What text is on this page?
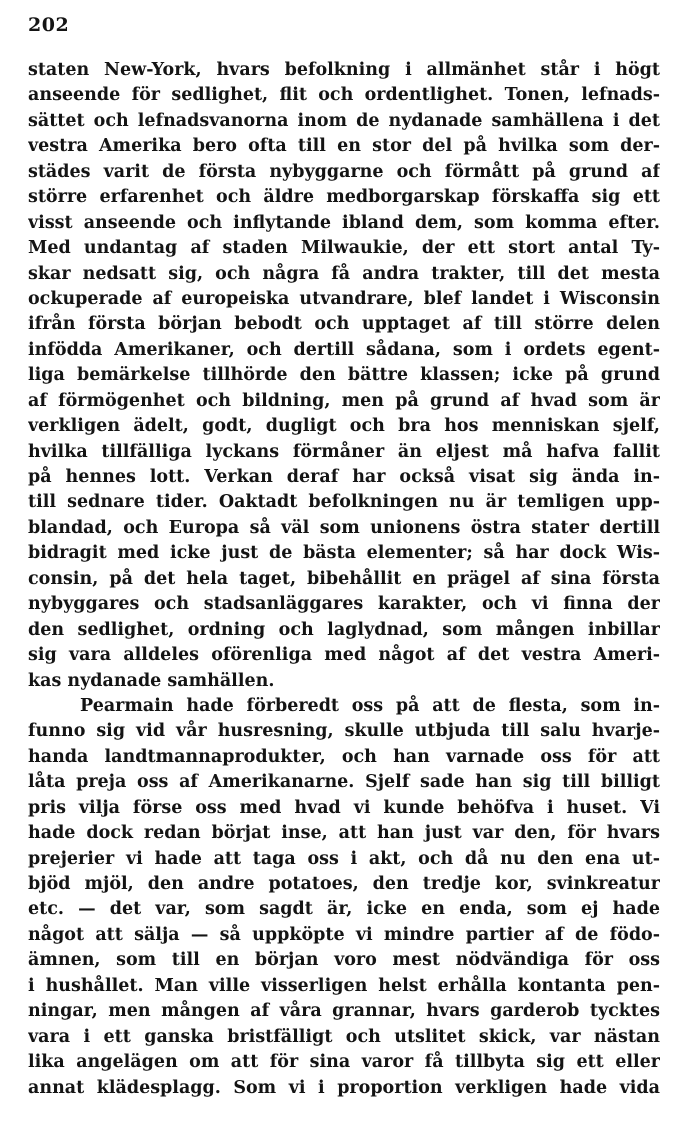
202
staten New-York, hvars befolkning i allmänhet står i högt
anseende för sedlighet, flit och ordentlighet. Tonen, lefnads-
sättet och lefnadsvanorna inom de nydanade samhällena i det
vestra Amerika bero ofta till en stor del på hvilka som der-
städes varit de första nybyggarne och förmått på grund af
större erfarenhet och äldre medborgarskap förskaffa sig ett
visst anseende och inflytande ibland dem, som komma efter.
Med undantag af staden Milwaukie, der ett stort antal Ty-
skar nedsatt sig, och några få andra trakter, till det mesta
ockuperade af europeiska utvandrare, blef landet i Wisconsin
ifrån första början bebodt och upptaget af till större delen
infödda Amerikaner, och dertill sådana, som i ordets egent-
liga bemärkelse tillhörde den bättre klassen; icke på grund
af förmögenhet och bildning, men på grund af hvad som är
verkligen ädelt, godt, dugligt och bra hos menniskan sjelf,
hvilka tillfälliga lyckans förmåner än eljest må hafva fallit
på hennes lott. Verkan deraf har också visat sig ända in-
till sednare tider. Oaktadt befolkningen nu är temligen upp-
blandad, och Europa så väl som unionens östra stater dertill
bidragit med icke just de bästa elementer; så har dock Wis-
consin, på det hela taget, bibehållit en prägel af sina första
nybyggares och stadsanläggares karakter, och vi finna der
den sedlighet, ordning och laglydnad, som mången inbillar
sig vara alldeles oförenliga med något af det vestra Ameri-
kas nydanade samhällen.
Pearmain hade förberedt oss på att de flesta, som in-
funno sig vid vår husresning, skulle utbjuda till salu hvarje-
handa landtmannaprodukter, och han varnade oss för att
låta preja oss af Amerikanarne. Sjelf sade han sig till billigt
pris vilja förse oss med hvad vi kunde behöfva i huset. Vi
hade dock redan börjat inse, att han just var den, för hvars
prejerier vi hade att taga oss i akt, och då nu den ena ut-
bjöd mjöl, den andre potatoes, den tredje kor, svinkreatur
etc. — det var, som sagdt är, icke en enda, som ej hade
något att sälja — så uppköpte vi mindre partier af de födo-
ämnen, som till en början voro mest nödvändiga för oss
i hushållet. Man ville visserligen helst erhålla kontanta pen-
ningar, men mången af våra grannar, hvars garderob tycktes
vara i ett ganska bristfälligt och utslitet skick, var nästan
lika angelägen om att för sina varor få tillbyta sig ett eller
annat klädesplagg. Som vi i proportion verkligen hade vida
